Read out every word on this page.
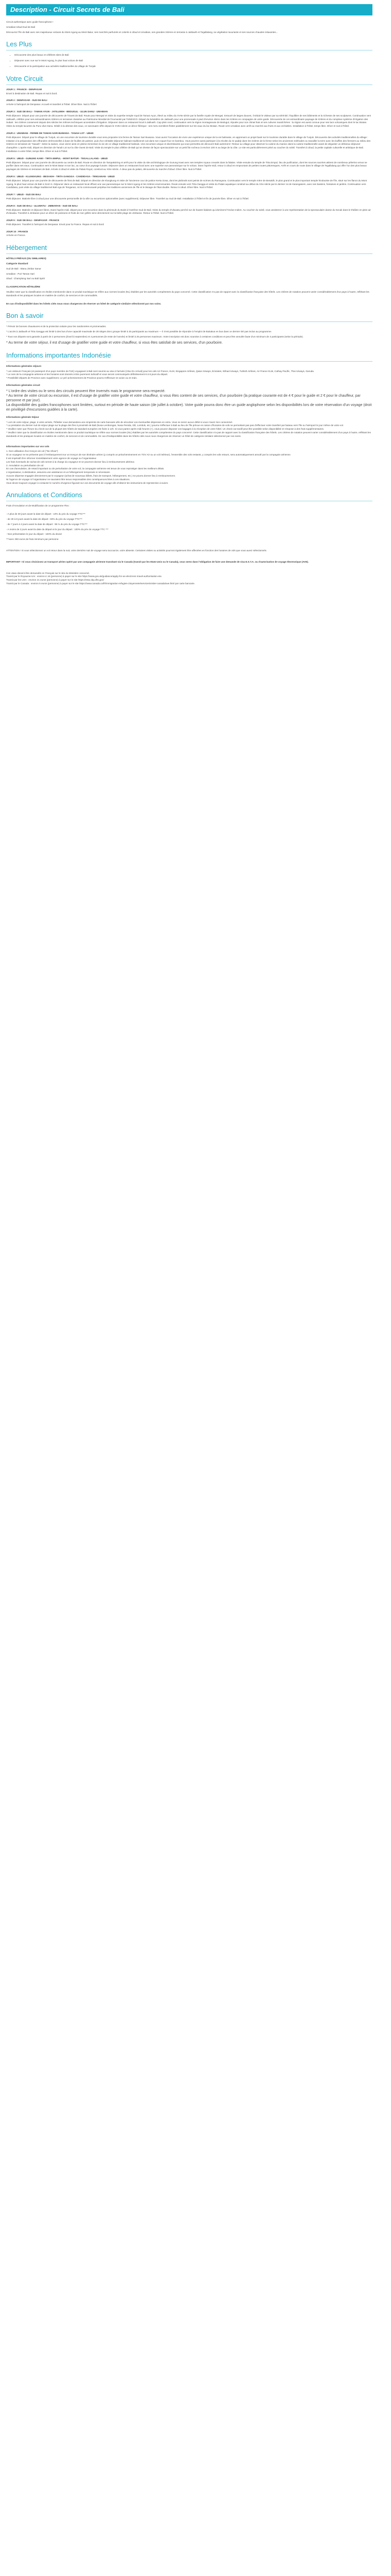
Description - Circuit Secrets de Bali

Circuit authentique avec guide francophone !

Umabian-Ubud-Sud de Bali

Découvrez l'île de Bali avec ses majestueux volcans du Mont Agung au Mont Batur, ses marchés parfumés et colorés à Ubud et Umabian, ses grandes rizières en terrasse à Jatiluwih et Tegallalang, sa végétation luxuriante et ses sources chaudes relaxantes...

Les Plus
• Découverte des plus beaux et célèbres sites de Bali
• Déjeuner avec vue sur le Mont Agung, le plus haut volcan de Bali
• Découverte et la participation aux activités traditionnelles du village de Tunjuk
Votre Circuit
JOUR 1 : FRANCE - DENPASAR
Envol à destination de Bali. Repas et nuit à bord.
JOUR 2 : DENPASAR - SUD DE BALI
Arrivée à l'aéroport de Denpasar. Accueil et transfert à l'hôtel. Dîner libre. Nuit à l'hôtel.
JOUR 3 : SUD DE BALI - TAMAN AYUN - JATILUWIH - BEDUGUL - ULUN DANU - UMABIAN
Petit déjeuner. Départ pour une journée de découverte de l'Ouest de Bali. Route pour Mengwi et visite du superbe temple royal de Taman Ayun, élevé au milieu du XVIIe siècle par la famille royale de Mengwi. Entouré de larges douves, il séduit le visiteur par sa sérénité, l'équilibre de ses bâtiments et la richesse de ses sculptures. Continuation vers Jatiluwih, célèbre pour ses extraordinaires rizières en terrasses classées au Patrimoine Mondial de l'Humanité par l'UNESCO. Départ du belvédère de Jatiluwih pour une promenade à pied d'environ 45mn dans les rizières en compagnie de votre guide. Découverte de cet extraordinaire paysage de rizières et du complexe système d'irrigation des Subak : les rizières conservent depuis des siècles les mêmes techniques ancestrales d'irrigation. Déjeuner dans un restaurant local à Jatiluwih. Cap plein nord, continuation vers la région montagneuse de Bedugul, réputée pour son climat frais et ses cultures maraîchères : la région est aussi connue pour ses lacs volcaniques dont le lac Bratan. Visite du temple lacustre du Pura Ulun Danu. Dédié à la déesse des eaux, ce sanctuaire offre depuis le XVIIe siècle un décor féérique : ses meru semblent flotter paisiblement sur les eaux du lac Bratan. Route vers Umabian avec arrêt au marché aux fruits et aux orchidées. Installation à l'hôtel, temps libre. Dîner et nuit à l'hôtel.
JOUR 4 : UMABIAN - FERME DE TAMAN SARI BUWANA - TANAH LOT - UBUD
Petit déjeuner. Départ pour le village de Tunjuk, où une excursion de tourisme durable vous sera proposée à la ferme de Taman Sari Buwana. Vous aurez l'occasion de vivre une expérience unique de la vie balinaise, en apprenant un projet basé sur le tourisme durable dans le village de Tunjuk. Découverte des activités traditionnelles du village : initiation à la préparation des offrandes cérémonielles à base de feuilles de palmier, puis d'un véritable déjeuner balinais traditionnel cuit dans son coquet four en bambou. Vous pourrez aussi participer à la récolte du riz paddy dans les rizières de la ferme selon les anciennes méthodes ou travailler la terre avec les buffles des fermiers au milieu des rizières en terrasses de "Sawah". Selon la saison, vous vivrez ainsi en pleine immersion la vie de ce village traditionnel balinais. Une excursion unique et divertissante qui vous permettra de découvrir Bali autrement ! Retour au village pour observer la cuisine du manioc dans la cuisine traditionnelle avant de déguster un délicieux déjeuner champêtre. L'après-midi, départ en direction de Tanah Lot sur la côte Ouest de Bali. Visite du temple le plus célèbre de Bali qui se dresse de façon spectaculaire sur un petit îlot rocheux à environ 100 m au large de la côte. Le site est particulièrement prisé au coucher du soleil. Transfert à Ubud, la petite capitale culturelle et artistique de Bali. Installation à votre hôtel, temps libre. Dîner et nuit à l'hôtel.
JOUR 5 : UBUD - GUNUNG KAWI - TIRTA EMPUL - MONT BATUR - TEGALLALANG - UBUD
Petit déjeuner. Départ pour une journée de découverte au centre de Bali. Route en direction de Tampaksiring et arrêt pour la visite du site archéologique de Gunung Kawi avec ses temples royaux creusés dans la falaise. Visite ensuite du temple de Tirta Empul, lieu de purification, dont les sources sacrées attirent de nombreux pèlerins venus se purifier dans ses eaux. Continuation vers le Mont Batur et son lac, au cœur d'un paysage lunaire. Déjeuner dans un restaurant local avec une superbe vue panoramique sur le volcan. Dans l'après-midi, retour à Ubud en empruntant de petites routes pittoresques. Arrêt en cours de route dans le village de Tegallalang qui offre l'un des plus beaux paysages de rizières en terrasses de Bali. Arrivée à Ubud et visite du Palais Royal, construit au XIXe siècle. À deux pas du palais, découverte du marché d'Ubud. Dîner libre. Nuit à l'hôtel.
JOUR 6 : UBUD - KLUNGKUNG - BESAKIH - TIRTA GANGGA - CANDIDASA - TENGANAN - UBUD
Petit déjeuner. Départ pour une journée de découverte de l'Est de Bali. Départ en direction de Klungkung et visite de l'ancienne cour de justice Kerta Gosa, dont les plafonds sont peints de scènes du Ramayana. Continuation vers le temple mère de Besakih, le plus grand et le plus important temple hindouiste de l'île, situé sur les flancs du Mont Agung, le plus haut volcan de Bali à 3142 m. Déjeuner dans un restaurant local offrant une vue panoramique sur le Mont Agung et les rizières environnantes. Route ensuite vers Tirta Gangga et visite du Palais aquatique construit au début du XXe siècle par le dernier roi de Karangasem, avec ses bassins, fontaines et jardins. Continuation vers Candidasa, puis visite du village traditionnel Bali Aga de Tenganan, où la communauté perpétue les traditions anciennes de l'île et le tissage de l'ikat double. Retour à Ubud. Dîner libre. Nuit à l'hôtel.
JOUR 7 : UBUD - SUD DE BALI
Petit déjeuner. Matinée libre à Ubud pour une découverte personnelle de la ville ou excursions optionnelles (avec supplément). Déjeuner libre. Transfert au Sud de Bali. Installation à l'hôtel et fin de journée libre. Dîner et nuit à l'hôtel.
JOUR 8 : SUD DE BALI - ULUWATU - JIMBARAN - SUD DE BALI
Petit déjeuner. Matinée et déjeuner libres. Dans l'après-midi, départ pour une excursion dans la péninsule du Bukit à l'extrême Sud de Bali. Visite du temple d'Uluwatu perché sur de hautes falaises qui dominent l'Océan Indien. Au coucher du soleil, vous assisterez à une représentation de la spectaculaire danse du Kecak dans le théâtre en plein air d'Uluwatu. Transfert à Jimbaran pour un dîner de poissons et fruits de mer grillés servi directement sur la belle plage de Jimbaran. Retour à l'hôtel. Nuit à l'hôtel.
JOUR 9 : SUD DE BALI - DENPASAR - FRANCE
Petit déjeuner. Transfert à l'aéroport de Denpasar. Envol pour la France. Repas et nuit à bord.
JOUR 10 : FRANCE
Arrivée en France.
Hébergement

HÔTELS PRÉVUS (OU SIMILAIRES)

Catégorie Standard

Sud de Bali : Wana Jimbar Sanur

Umabian : Puri Taman Sari

Ubud : Champlung Sari ou Bali Spirit

CLASSIFICATION HÔTELIÈRE

Veuillez noter que la classification en étoiles mentionnée dans ce produit touristique se réfère aux normes locales (NL) établies par les autorités compétentes du pays concerné. Cette classification n'a pas de rapport avec la classification française des hôtels. Les critères de notation peuvent varier considérablement d'un pays à l'autre, reflétant les standards et les pratiques locales en matière de confort, de services et de commodités.

En cas d'indisponibilité dans les hôtels cités nous nous chargerons de réserver un hôtel de catégorie similaire sélectionné par nos soins.

Bon à savoir

* Prévoir de bonnes chaussures et de la protection solaire pour les randonnées et promenades.

* L'accès à Jatiluwih et Tirta Gangga est limité à des bus d'une capacité maximale de 28 sièges donc groupe limité à 25 participants au maximum — il n'est possible de répondre à l'emploi de Bukakus en bus dans ce dernier tiré pas inclus au programme.

* Tous nos départs sont garantis à partir de 2 personnes (d'avril à septembre) et 4 personnes (le reste de l'année) et limité à 25 personnes maximum. Votre inscription est donc soumise à certaines conditions et peut être annulée faute d'un minimum de 4 participants (selon la période).

* Au terme de votre séjour, il est d'usage de gratifier votre guide et votre chauffeur, si vous êtes satisfait de ses services, d'un pourboire.

Informations importantes Indonésie

Informations générales séjours

* Les visiteurs Français (et passeport d'un pays membre de l'UE) voyageant à Bali sont soumis au visa à l'arrivée (Visa On Arrival) pour les vols Air France, KLM, Singapore Airlines, Qatar Airways, Emirates, Etihad Airways, Turkish Airlines, Air France KLM, Cathay Pacific, Thai Airways, Garuda.
* Le nom de la compagnie aérienne et les horaires sont donnés à titre purement indicatif et vous seront communiqués définitivement 6 à 8 jours du départ.
* Possibilité départs de Province avec supplément. Le pré acheminement de Province pourra s'effectuer en avion ou en train.

Informations générales circuit

* L'ordre des visites ou le sens des circuits peuvent être inversés mais le programme sera respecté.
* Au terme de votre circuit ou excursion, il est d'usage de gratifier votre guide et votre chauffeur, si vous êtes content de ses services, d'un pourboire (la pratique courante est de 4 € pour le guide et 2 € pour le chauffeur, par personne et par jour).
La disponibilité des guides francophones sont limitées, surtout en période de haute saison (de juillet à octobre). Votre guide pourra donc être un guide anglophone selon les disponibilités lors de votre réservation d'un voyage (droit en privilégié d'excursions guidées à la carte).

Informations générale Séjour

* Lors de votre séjour, plage, à votre arrivée, l'hôtelier vous demandera une empreinte de carte bancaire afin de sécuriser vos éventuelles dépenses en extra. Vous ne serez aucun débit si vous n'avez rien consommé.
* La prestation du dernier nuit de séjour plage sur la plage des îles à proximité de Bali (Nusa Lembongan, Nusa Penida, Gili, Lombok, etc.) pourra s'effectuer à Bali au lieu de l'île prévue en raison d'horaires de vols ne permettant pas pas d'effectuer votre transfert par bateau vers l'île ou l'aéroport le jour même de votre vol.
* Veuillez noter que l'heure du check-out de la plupart des hôtels de standard européen est fixée à 12h. Si vous partez après midi heures (+), vous pouvez disposer vos bagages à la réception de votre hôtel. Un check-out tardif peut être possible selon disponibilité et s'impose à des frais supplémentaires.
* Veuillez noter que la classification en étoiles mentionnée dans ce produit touristique se réfère aux normes locales (NL) établies par les autorités compétentes du pays concerné. Cette classification n'a pas de rapport avec la classification française des hôtels. Les critères de notation peuvent varier considérablement d'un pays à l'autre, reflétant les standards et les pratiques locales en matière de confort, de services et de commodités. En cas d'indisponibilité dans les hôtels cités nous nous chargerons de réserver un hôtel de catégorie similaire sélectionné par nos soins.

Informations importantes sur vos vols

1. Non-utilisation d'un tronçon de vol ("No Show")
Si un voyageur ne se présente pas à l'embarquement sur un tronçon de son itinéraire aérien (y compris un préacheminement en TGV Air ou un vol intérieur), l'ensemble des vols restants, y compris les vols retours, sera automatiquement annulé par la compagnie aérienne.
Il est impératif d'en informer immédiatement votre agence de voyage ou l'organisateur.
Les frais éventuels de rachat de vols seront à la charge du voyageur et ne pourront donner lieu à remboursement ultérieur.
2. Annulation ou perturbation de vol
En cas d'annulation, de retard important ou de perturbation de votre vol, la compagnie aérienne est tenue de vous reprotéger dans les meilleurs délais.
L'organisateur, à destination, assurera une assistance et un hébergement temporaire si nécessaire.
Aucune dépense engagée directement par le voyageur (achat de nouveaux billets, frais de transport, hébergement, etc.) ne pourra donner lieu à remboursement.
Ni l'agence de voyage ni l'organisateur ne sauraient être tenus responsables des conséquences liées à ces situations.
Vous devez toujours voyager à contacter le numéro d'urgence figurant sur vos documents de voyage afin d'obtenir les instructions de reprotection à suivre.
Annulations et Conditions

Frais d'Annulation et de Modification de ce programme Flex :

- A plus de 30 jours avant la date de départ : 10% du prix du voyage TTC***

- de 30 à 8 jours avant la date de départ : 60% du prix du voyage TTC***

- de 7 jours à 3 jours avant la date de départ : 95 % du prix du voyage TTC***

- A moins de 2 jours avant la date du départ et le jour du départ : 100% du prix du voyage TTC ***

- Non présentation le jour du départ : 100% du devoir

***avec 250 euros de frais minimum par personne

ATTENTION ! Si vous sélectionnez un vol retour dans la nuit, votre dernière nuit de voyage sera raccourcie, voire absente. Certaines visites ou activités pourront également être affectées en fonction des horaires de vols que vous aurez sélectionnés.

IMPORTANT ! Si vous choisissez un transport aérien opéré par une compagnie aérienne transitant via le Canada (transit par les Etats-Unis ou le Canada), vous serez dans l'obligation de faire une demande de visa E.S.T.A. ou d'autorisation de voyage électronique (AVE).

Ces visas doivent être demandés en Français sur le site du Ministère concerné.
Transit par le Royaume-Uni : environ £ 16 (personne) à payer sur le site https://www.gov.uk/guidance/apply-for-an-electronic-travel-authorisation-eta
Transit par les USA : environ 21 euros (personne) à payer sur le site https://esta.cbp.dhs.gov/
Transit par le Canada : environ 5 euros (personne) à payer sur le site https://www.canada.ca/fr/immigration-refugies-citoyennete/services/visiter-canada/ave.html par carte bancaire.
